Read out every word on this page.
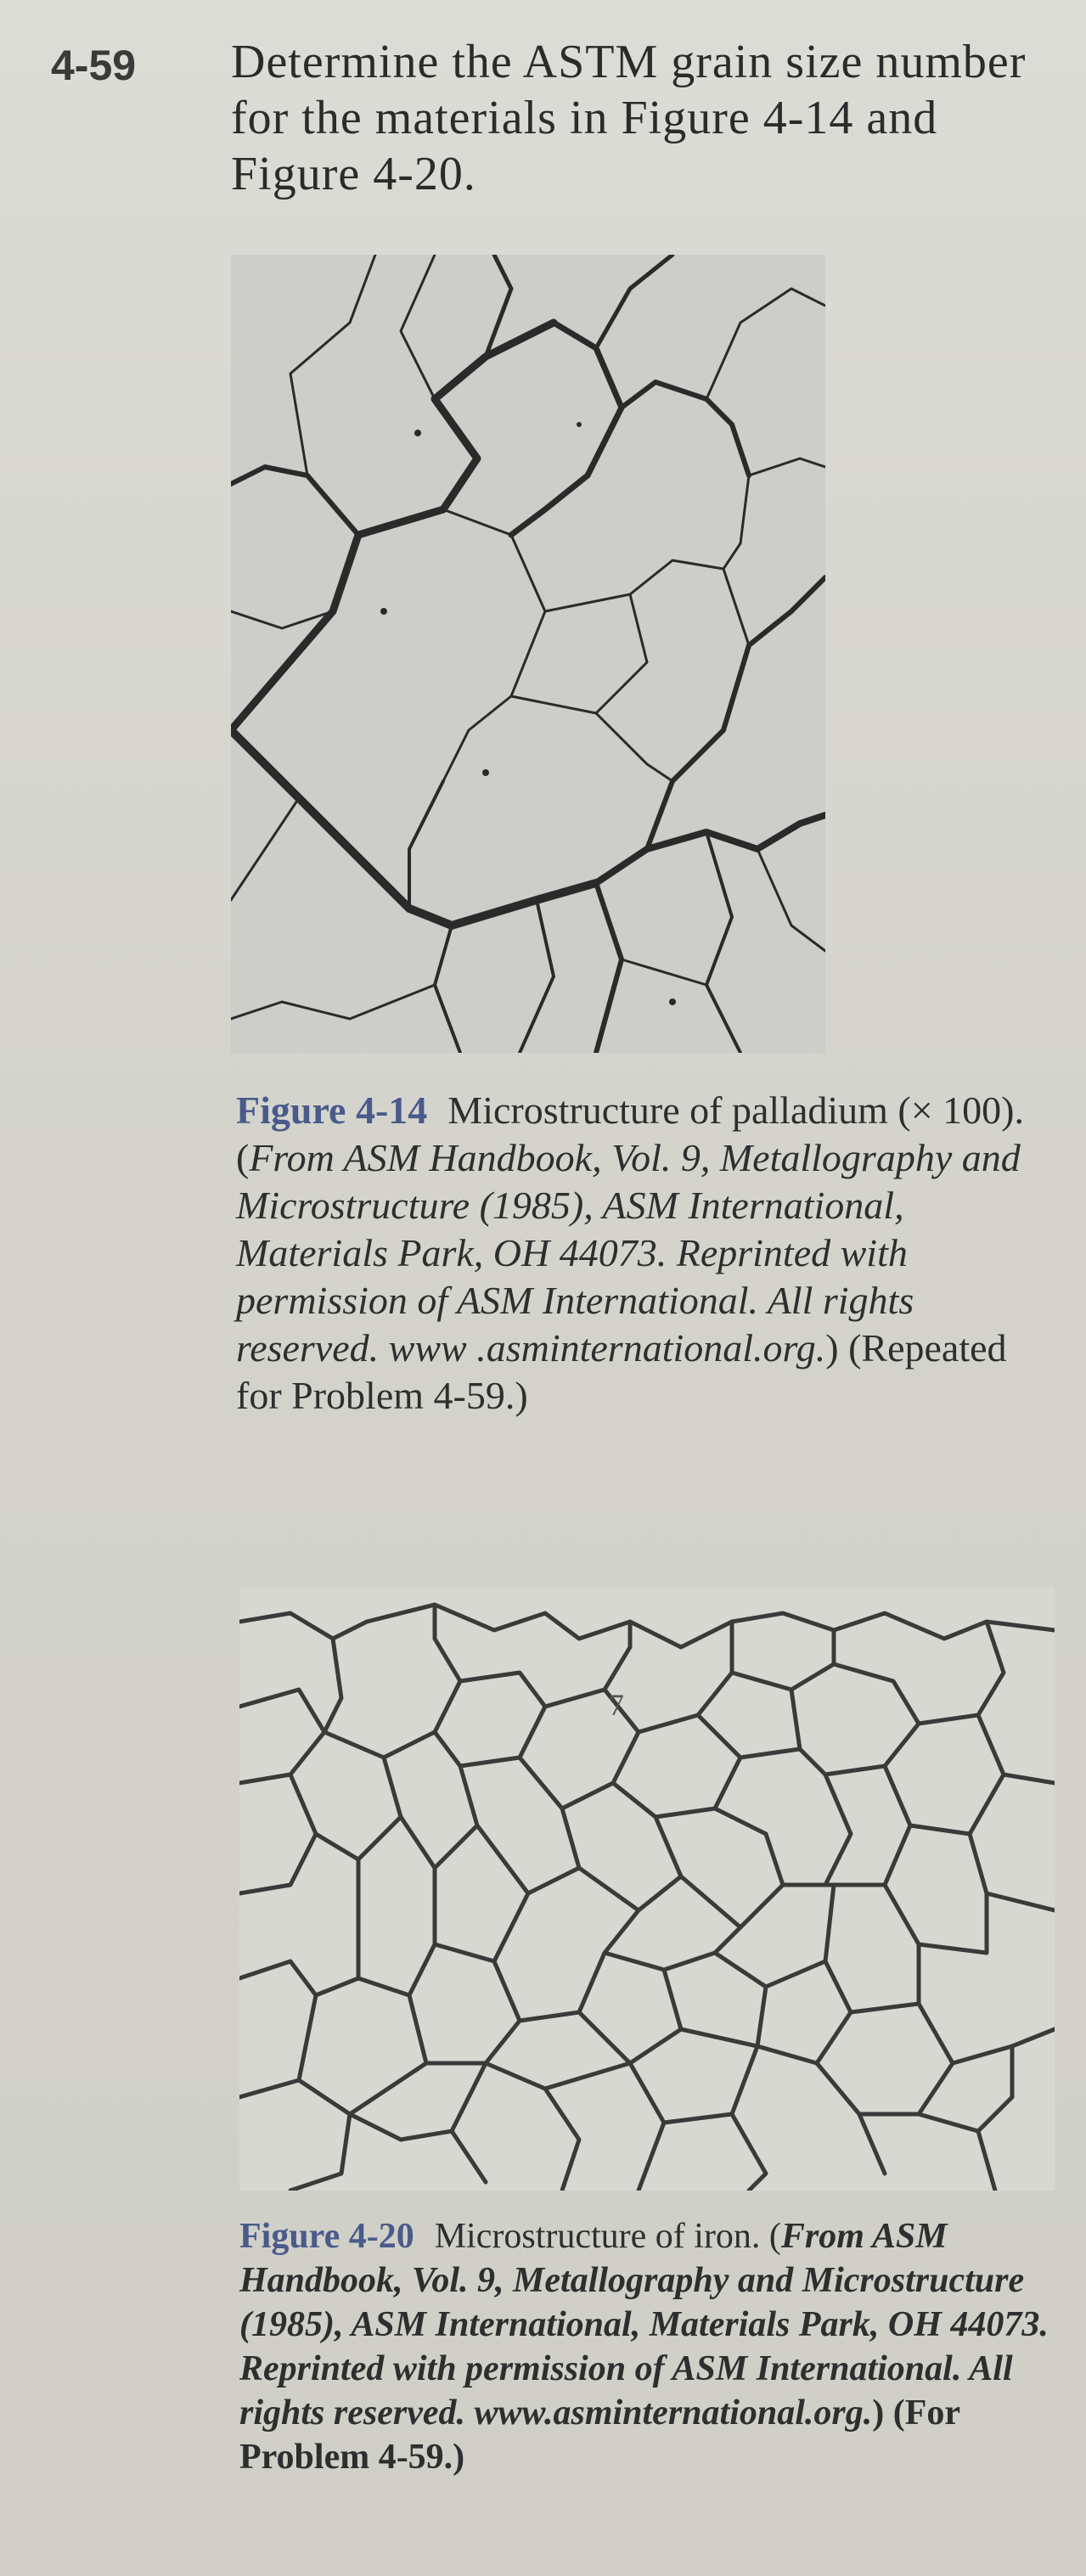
4-59 Determine the ASTM grain size number for the materials in Figure 4-14 and Figure 4-20.
Figure 4-14 Microstructure of palladium (× 100). (From ASM Handbook, Vol. 9, Metallography and Microstructure (1985), ASM International, Materials Park, OH 44073. Reprinted with permission of ASM International. All rights reserved. www .asminternational.org.) (Repeated for Problem 4-59.)
7
Figure 4-20 Microstructure of iron. (From ASM Handbook, Vol. 9, Metallography and Microstructure (1985), ASM International, Materials Park, OH 44073. Reprinted with permission of ASM International. All rights reserved. www.asminternational.org.) (For Problem 4-59.)
